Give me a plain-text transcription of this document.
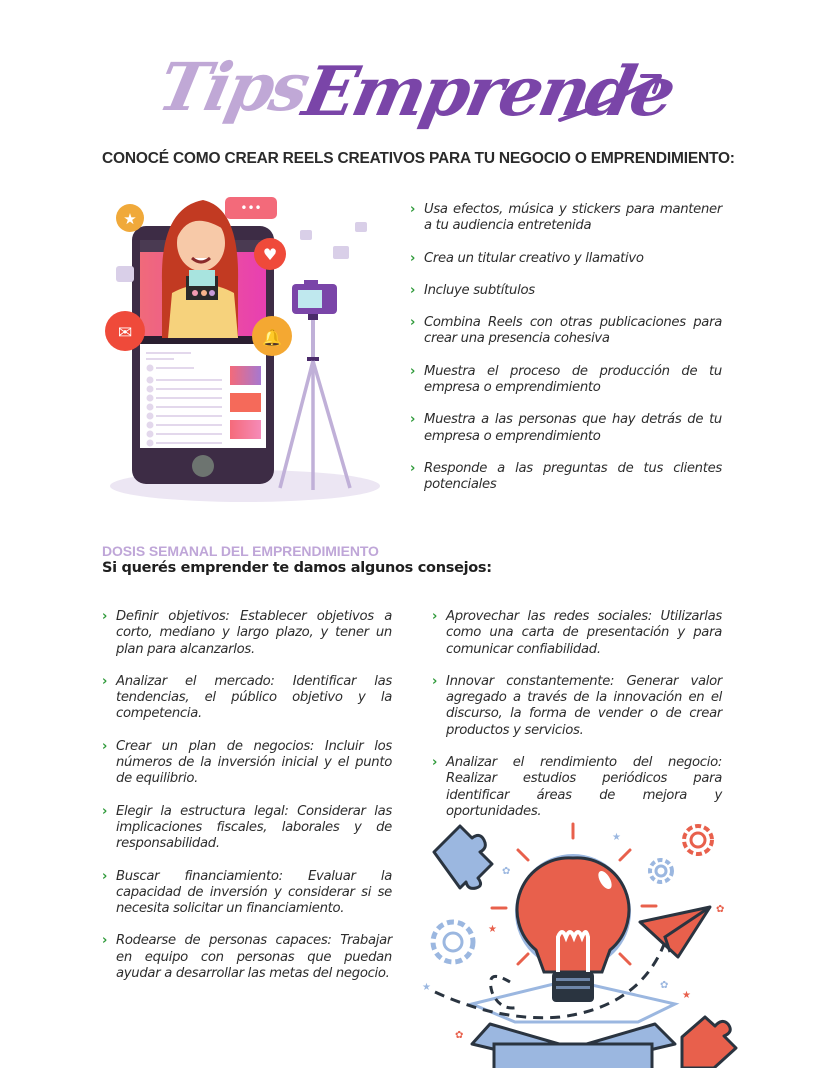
Tips
Emprende
CONOCÉ COMO CREAR REELS CREATIVOS PARA TU NEGOCIO O EMPRENDIMIENTO:
•••
★
♥
✉	🔔
› Usa efectos, música y stickers para mantener a tu audiencia entretenida
› Crea un titular creativo y llamativo
› Incluye subtítulos
› Combina Reels con otras publicaciones para crear una presencia cohesiva
› Muestra el proceso de producción de tu empresa o emprendimiento
› Muestra a las personas que hay detrás de tu empresa o emprendimiento
› Responde a las preguntas de tus clientes potenciales
DOSIS SEMANAL DEL EMPRENDIMIENTO
Si querés emprender te damos algunos consejos:
› Definir objetivos: Establecer objetivos a corto, mediano y largo plazo, y tener un plan para alcanzarlos.
› Analizar el mercado: Identificar las tendencias, el público objetivo y la competencia.
› Crear un plan de negocios: Incluir los números de la inversión inicial y el punto de equilibrio.
› Elegir la estructura legal: Considerar las implicaciones fiscales, laborales y de responsabilidad.
› Buscar financiamiento: Evaluar la capacidad de inversión y considerar si se necesita solicitar un financiamiento.
› Rodearse de personas capaces: Trabajar en equipo con personas que puedan ayudar a desarrollar las metas del negocio.
› Aprovechar las redes sociales: Utilizarlas como una carta de presentación y para comunicar confiabilidad.
› Innovar constantemente: Generar valor agregado a través de la innovación en el discurso, la forma de vender o de crear productos y servicios.
› Analizar el rendimiento del negocio: Realizar estudios periódicos para identificar áreas de mejora y oportunidades.
✿
★
✿
★
✿
★
★
✿
